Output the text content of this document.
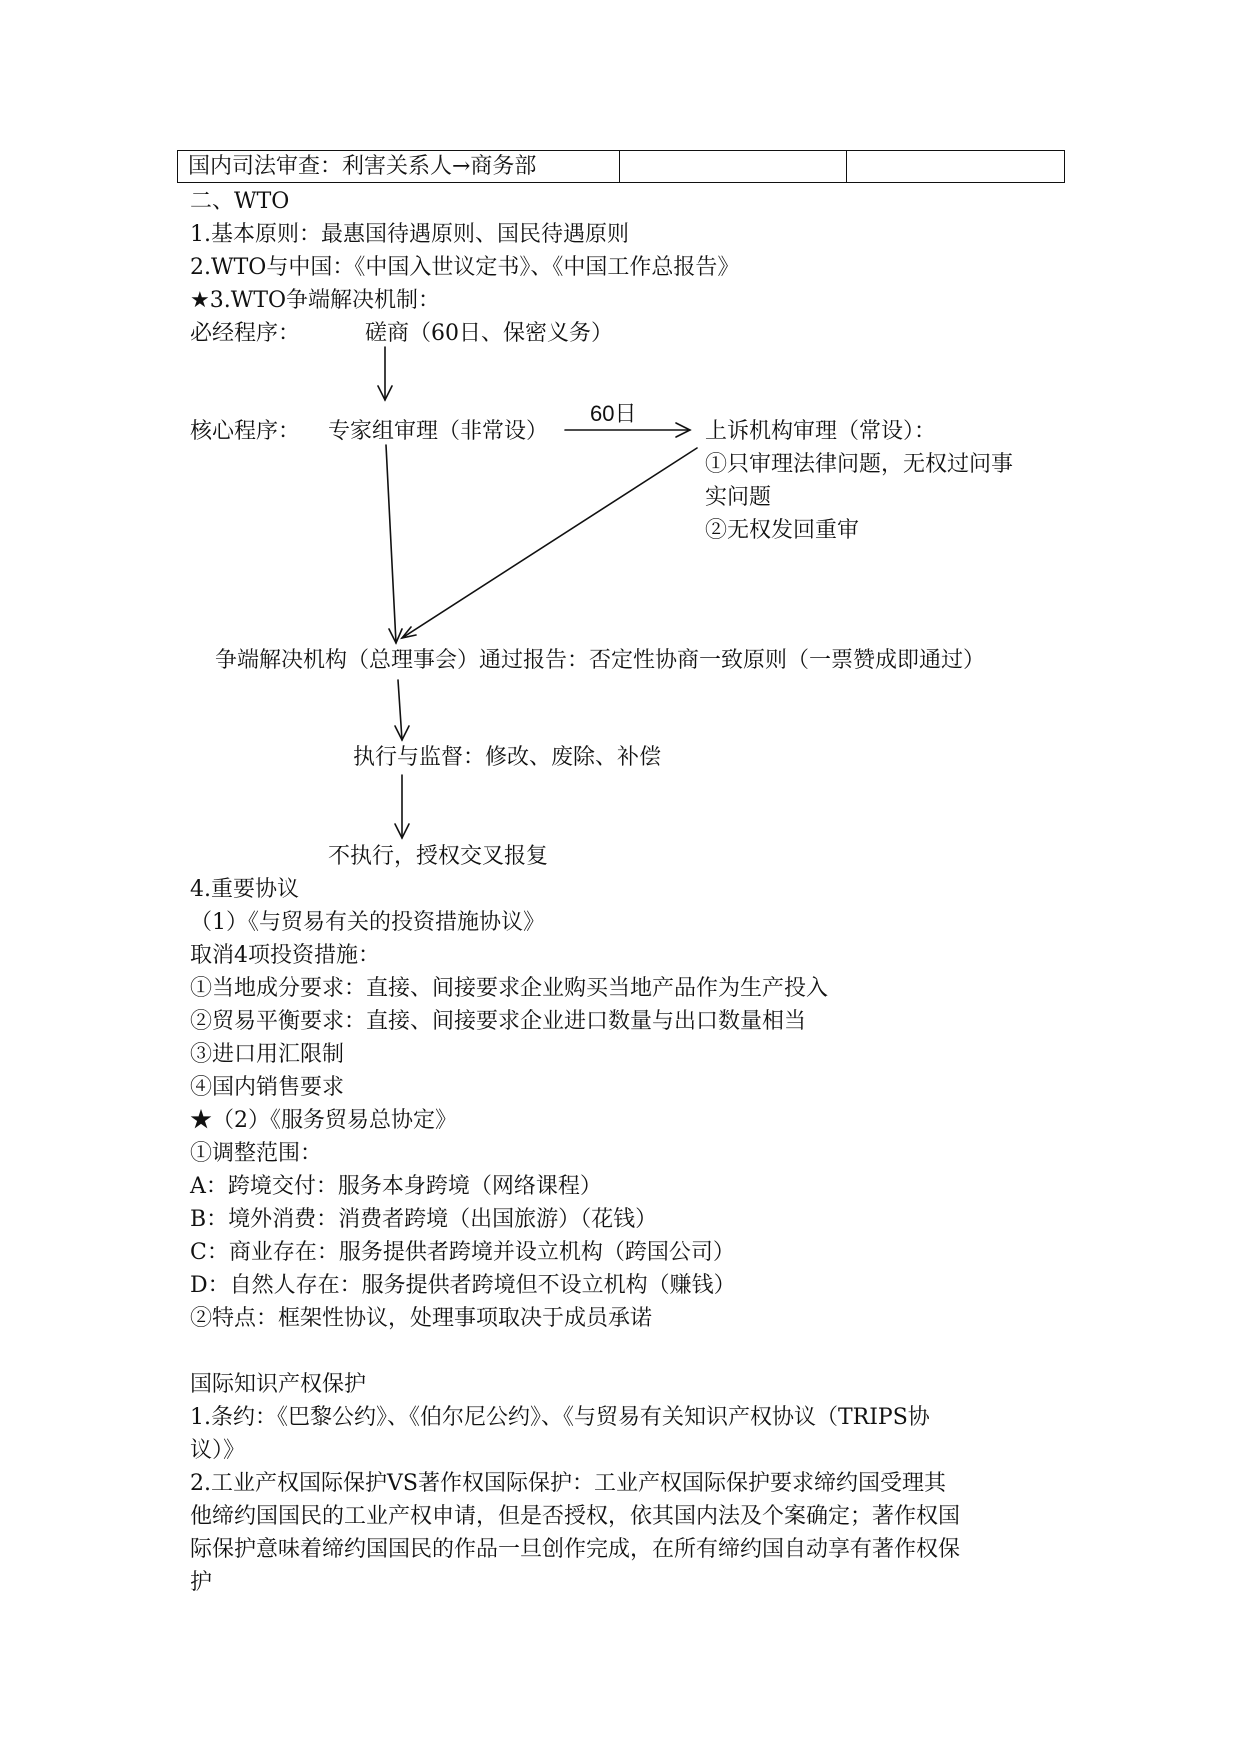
国内司法审查：利害关系人→商务部		
二、WTO
1.基本原则：最惠国待遇原则、国民待遇原则
2.WTO与中国：《中国入世议定书》、《中国工作总报告》
★3.WTO争端解决机制：
必经程序：	磋商（60日、保密义务）
核心程序： 专家组审理（非常设）
60日
上诉机构审理（常设）：
①只审理法律问题，无权过问事
实问题
②无权发回重审
争端解决机构（总理事会）通过报告：否定性协商一致原则（一票赞成即通过）
执行与监督：修改、废除、补偿
不执行，授权交叉报复
4.重要协议
（1）《与贸易有关的投资措施协议》
取消4项投资措施：
①当地成分要求：直接、间接要求企业购买当地产品作为生产投入
②贸易平衡要求：直接、间接要求企业进口数量与出口数量相当
③进口用汇限制
④国内销售要求
★（2）《服务贸易总协定》
①调整范围：
A：跨境交付：服务本身跨境（网络课程）
B：境外消费：消费者跨境（出国旅游）（花钱）
C：商业存在：服务提供者跨境并设立机构（跨国公司）
D：自然人存在：服务提供者跨境但不设立机构（赚钱）
②特点：框架性协议，处理事项取决于成员承诺
国际知识产权保护
1.条约：《巴黎公约》、《伯尔尼公约》、《与贸易有关知识产权协议（TRIPS协
议）》
2.工业产权国际保护VS著作权国际保护：工业产权国际保护要求缔约国受理其
他缔约国国民的工业产权申请，但是否授权，依其国内法及个案确定；著作权国
际保护意味着缔约国国民的作品一旦创作完成，在所有缔约国自动享有著作权保
护
